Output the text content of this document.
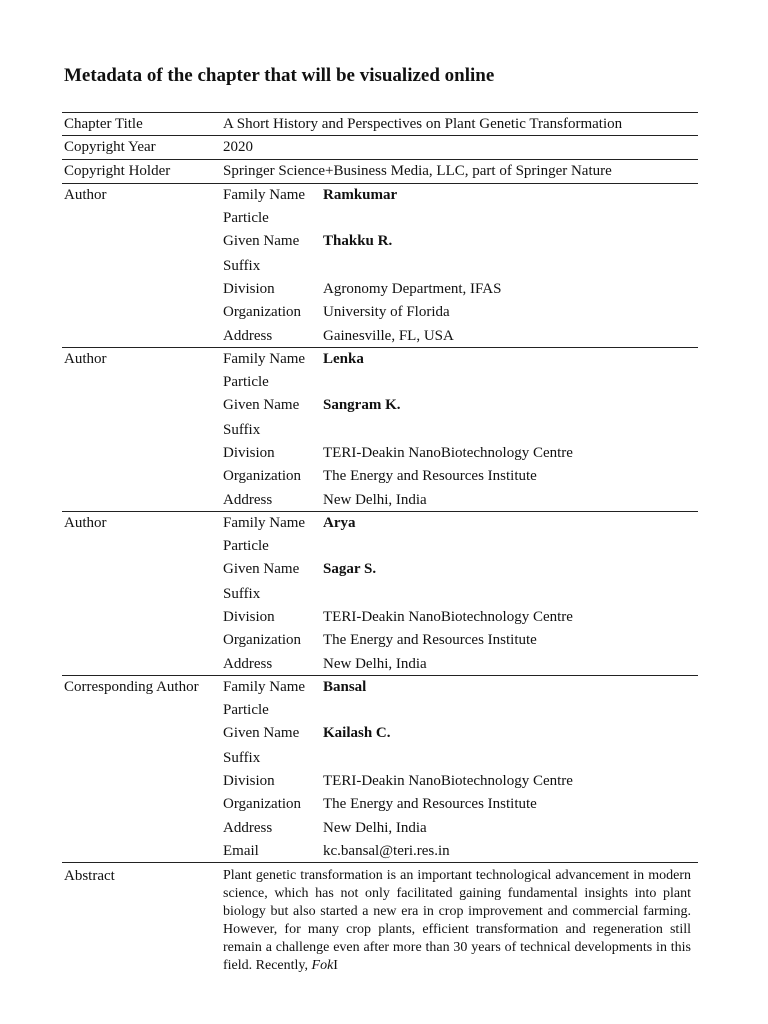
Metadata of the chapter that will be visualized online
Chapter Title	A Short History and Perspectives on Plant Genetic Transformation	
Copyright Year	2020	
Copyright Holder	Springer Science+Business Media, LLC, part of Springer Nature	
Author	Family Name	Ramkumar
	Particle	
	Given Name	Thakku R.
	Suffix	
	Division	Agronomy Department, IFAS
	Organization	University of Florida
	Address	Gainesville, FL, USA
Author	Family Name	Lenka
	Particle	
	Given Name	Sangram K.
	Suffix	
	Division	TERI-Deakin NanoBiotechnology Centre
	Organization	The Energy and Resources Institute
	Address	New Delhi, India
Author	Family Name	Arya
	Particle	
	Given Name	Sagar S.
	Suffix	
	Division	TERI-Deakin NanoBiotechnology Centre
	Organization	The Energy and Resources Institute
	Address	New Delhi, India
Corresponding Author	Family Name	Bansal
	Particle	
	Given Name	Kailash C.
	Suffix	
	Division	TERI-Deakin NanoBiotechnology Centre
	Organization	The Energy and Resources Institute
	Address	New Delhi, India
	Email	kc.bansal@teri.res.in
Abstract	Plant genetic transformation is an important technological advancement in modern science, which has not only facilitated gaining fundamental insights into plant biology but also started a new era in crop improvement and commercial farming. However, for many crop plants, efficient transformation and regeneration still remain a challenge even after more than 30 years of technical developments in this field. Recently, FokI	
